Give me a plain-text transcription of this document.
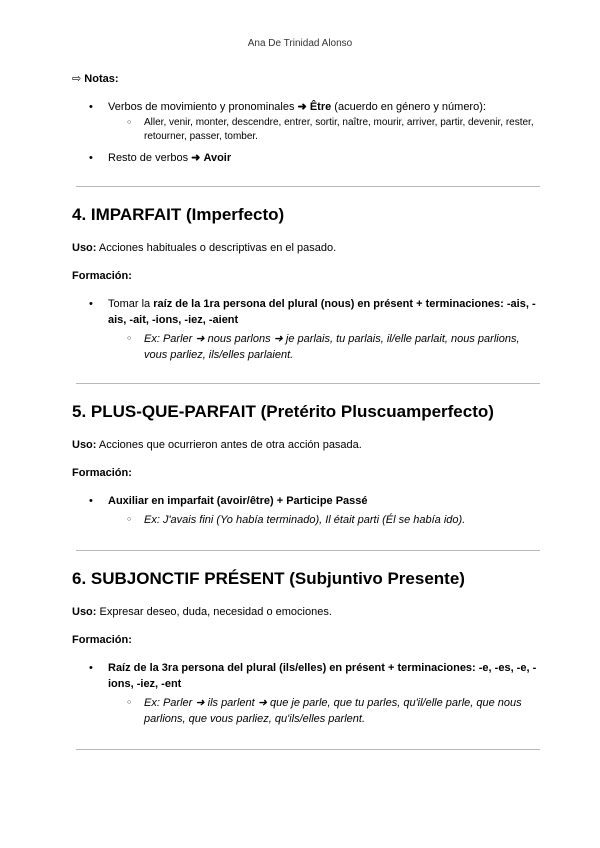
Ana De Trinidad Alonso
⇨ Notas:
• Verbos de movimiento y pronominales ➜ Être (acuerdo en género y número):
○ Aller, venir, monter, descendre, entrer, sortir, naître, mourir, arriver, partir, devenir, rester, retourner, passer, tomber.
• Resto de verbos ➜ Avoir
4. IMPARFAIT (Imperfecto)
Uso: Acciones habituales o descriptivas en el pasado.
Formación:
• Tomar la raíz de la 1ra persona del plural (nous) en présent + terminaciones: -ais, -ais, -ait, -ions, -iez, -aient
○ Ex: Parler ➜ nous parlons ➜ je parlais, tu parlais, il/elle parlait, nous parlions, vous parliez, ils/elles parlaient.
5. PLUS-QUE-PARFAIT (Pretérito Pluscuamperfecto)
Uso: Acciones que ocurrieron antes de otra acción pasada.
Formación:
• Auxiliar en imparfait (avoir/être) + Participe Passé
○ Ex: J'avais fini (Yo había terminado), Il était parti (Él se había ido).
6. SUBJONCTIF PRÉSENT (Subjuntivo Presente)
Uso: Expresar deseo, duda, necesidad o emociones.
Formación:
• Raíz de la 3ra persona del plural (ils/elles) en présent + terminaciones: -e, -es, -e, -ions, -iez, -ent
○ Ex: Parler ➜ ils parlent ➜ que je parle, que tu parles, qu'il/elle parle, que nous parlions, que vous parliez, qu'ils/elles parlent.
